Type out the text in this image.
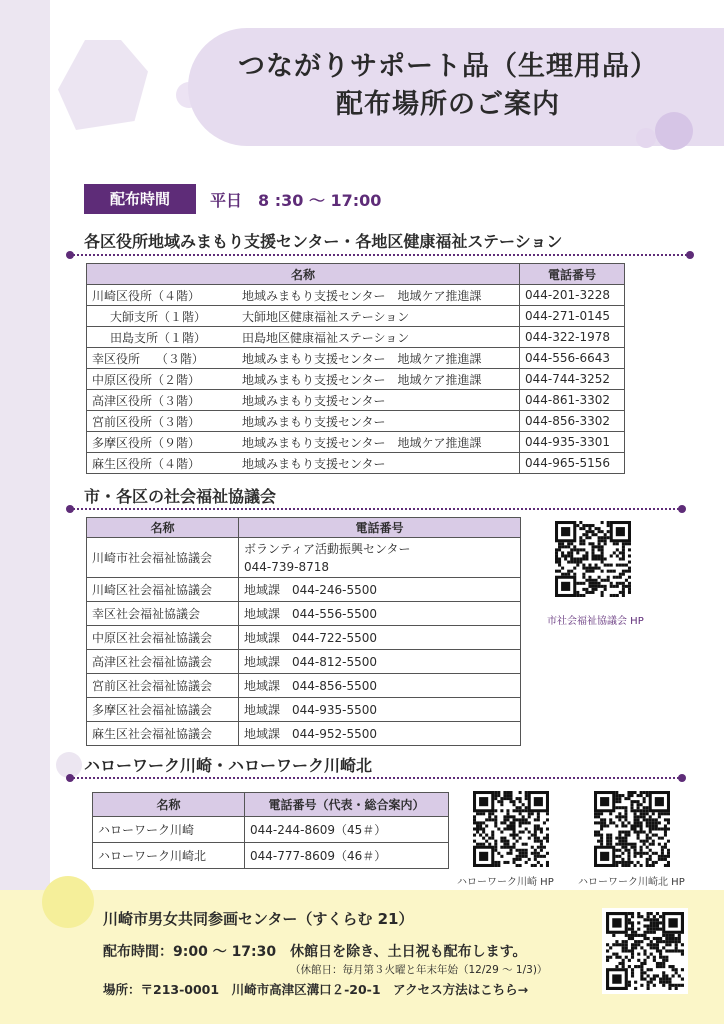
つながりサポート品（生理用品）
配布場所のご案内
配布時間	平日　8 :30 〜 17:00
各区役所地域みまもり支援センター・各地区健康福祉ステーション
名称	電話番号
川崎区役所（４階） 地域みまもり支援センター　地域ケア推進課	044-201-3228
大師支所（１階） 大師地区健康福祉ステーション	044-271-0145
田島支所（１階） 田島地区健康福祉ステーション	044-322-1978
幸区役所　 （３階） 地域みまもり支援センター　地域ケア推進課	044-556-6643
中原区役所（２階） 地域みまもり支援センター　地域ケア推進課	044-744-3252
高津区役所（３階） 地域みまもり支援センター	044-861-3302
宮前区役所（３階） 地域みまもり支援センター	044-856-3302
多摩区役所（９階） 地域みまもり支援センター　地域ケア推進課	044-935-3301
麻生区役所（４階） 地域みまもり支援センター	044-965-5156
市・各区の社会福祉協議会
名称	電話番号
川崎市社会福祉協議会	ボランティア活動振興センター
044-739-8718

川崎区社会福祉協議会	地域課　044-246-5500
幸区社会福祉協議会	地域課　044-556-5500
中原区社会福祉協議会	地域課　044-722-5500
高津区社会福祉協議会	地域課　044-812-5500
宮前区社会福祉協議会	地域課　044-856-5500
多摩区社会福祉協議会	地域課　044-935-5500
麻生区社会福祉協議会	地域課　044-952-5500
市社会福祉協議会 HP
ハローワーク川崎・ハローワーク川崎北
名称	電話番号（代表・総合案内）
ハローワーク川崎	044-244-8609（45＃）
ハローワーク川崎北	044-777-8609（46＃）
ハローワーク川崎 HP ハローワーク川崎北 HP
川崎市男女共同参画センター（すくらむ 21）
配布時間：9:00 〜 17:30　休館日を除き、土日祝も配布します。
（休館日：毎月第３火曜と年末年始（12/29 〜 1/3)）
場所：〒213-0001　川崎市高津区溝口２-20-1　アクセス方法はこちら→
